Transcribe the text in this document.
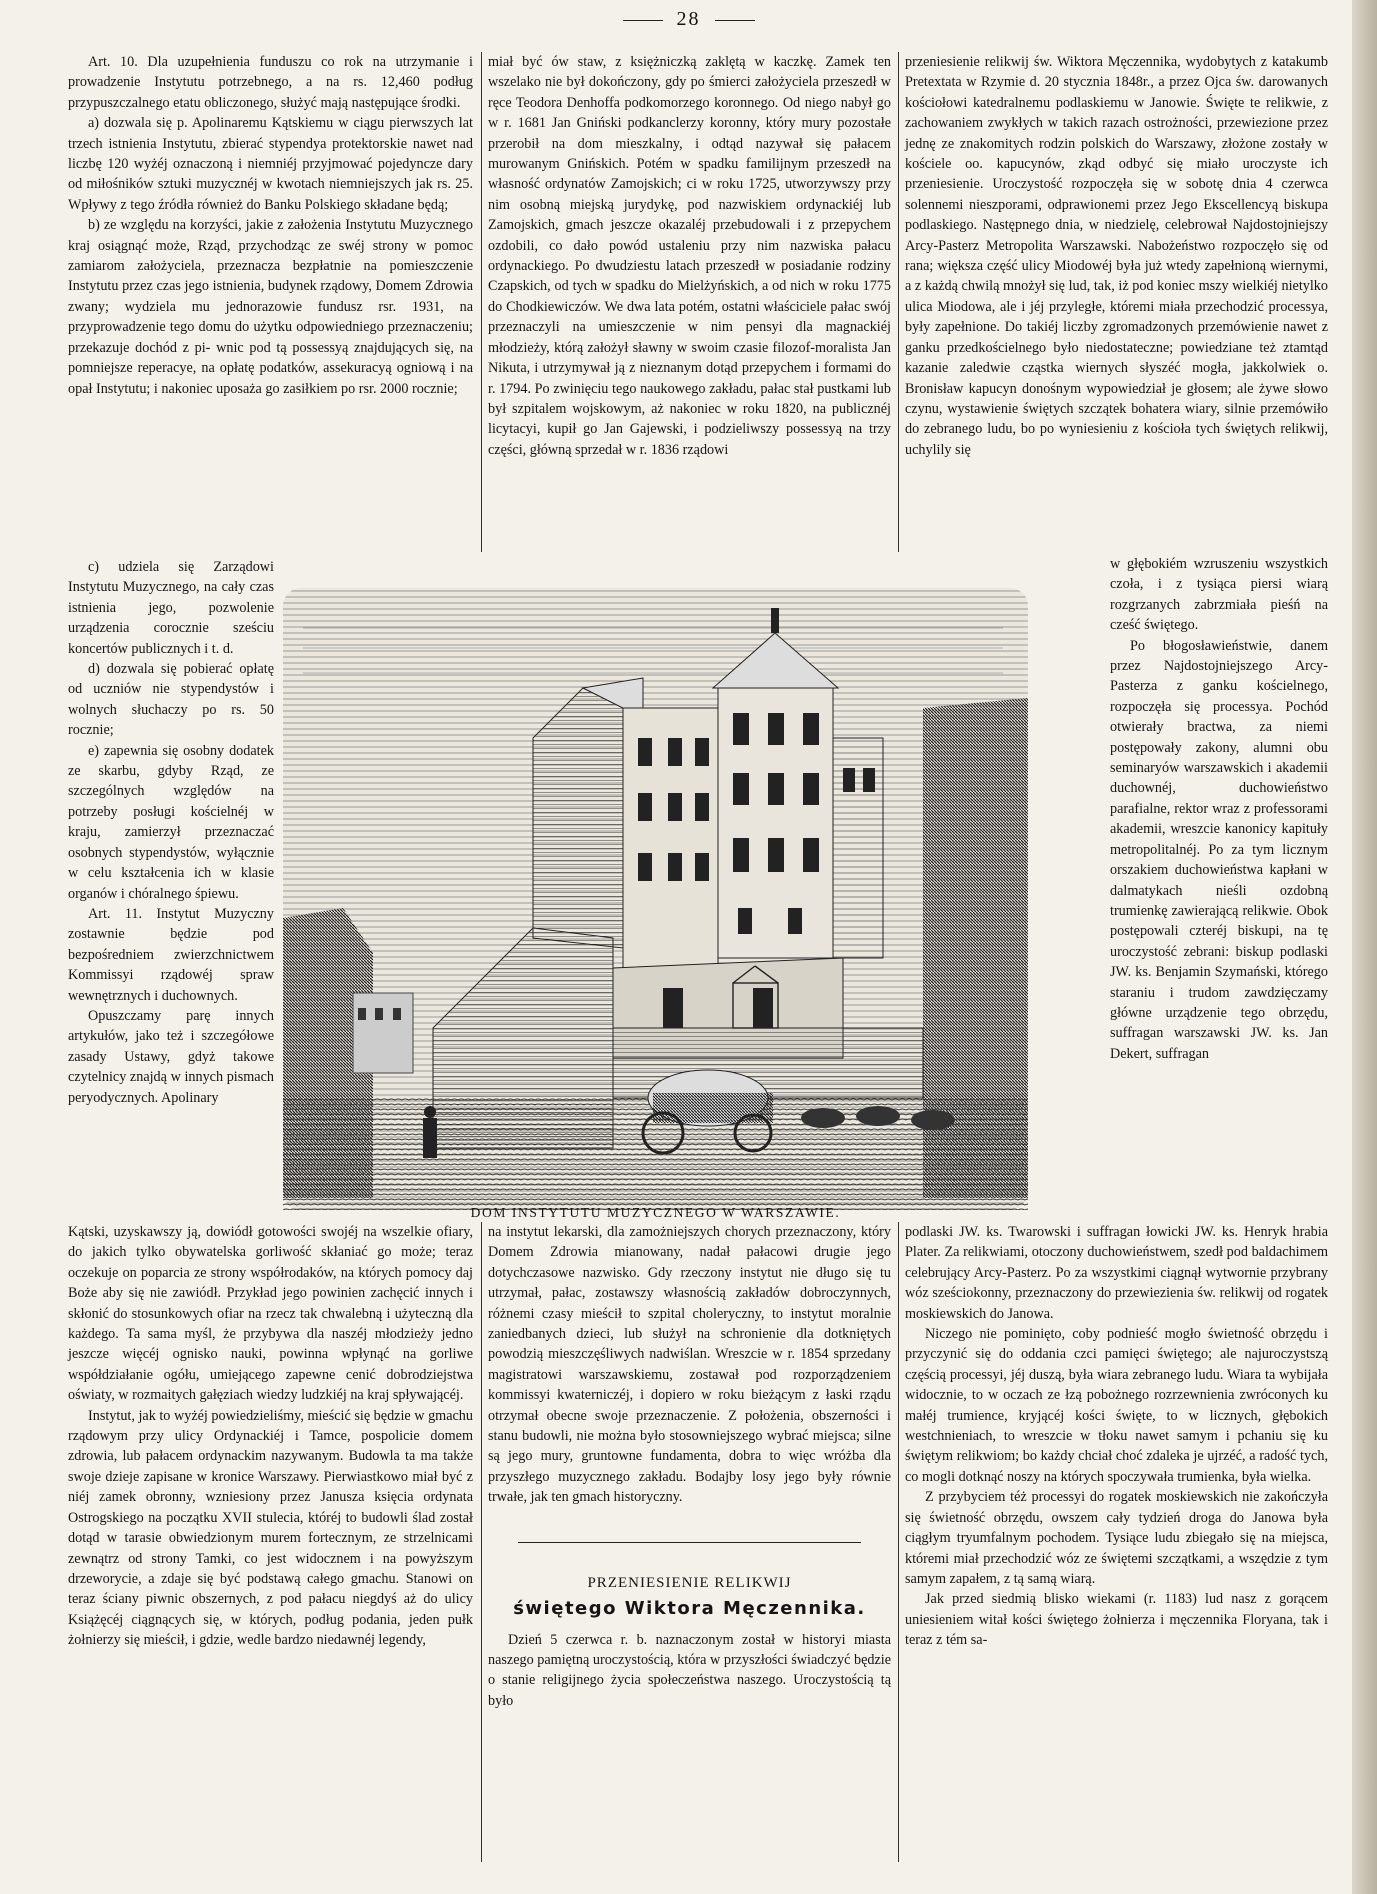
28

Art. 10. Dla uzupełnienia funduszu co rok na utrzymanie i prowadzenie Instytutu potrzebnego, a na rs. 12,460 podług przypuszczalnego etatu obliczonego, służyć mają następujące środki.

a) dozwala się p. Apolinaremu Kątskiemu w ciągu pierwszych lat trzech istnienia Instytutu, zbierać stypendya protektorskie nawet nad liczbę 120 wyżéj oznaczoną i niemniéj przyjmować pojedyncze dary od miłośników sztuki muzycznéj w kwotach niemniejszych jak rs. 25. Wpływy z tego źródła również do Banku Polskiego składane będą;

b) ze względu na korzyści, jakie z założenia Instytutu Muzycznego kraj osiągnąć może, Rząd, przychodząc ze swéj strony w pomoc zamiarom założyciela, przeznacza bezpłatnie na pomieszczenie Instytutu przez czas jego istnienia, budynek rządowy, Domem Zdrowia zwany; wydziela mu jednorazowie fundusz rsr. 1931, na przyprowadzenie tego domu do użytku odpowiedniego przeznaczeniu; przekazuje dochód z pi- wnic pod tą possessyą znajdujących się, na pomniejsze reperacye, na opłatę podatków, assekuracyą ogniową i na opał Instytutu; i nakoniec uposaża go zasiłkiem po rsr. 2000 rocznie;

c) udziela się Zarządowi Instytutu Muzycznego, na cały czas istnienia jego, pozwolenie urządzenia corocznie sześciu koncertów publicznych i t. d.

d) dozwala się pobierać opłatę od uczniów nie stypendystów i wolnych słuchaczy po rs. 50 rocznie;

e) zapewnia się osobny dodatek ze skarbu, gdyby Rząd, ze szczególnych względów na potrzeby posługi kościelnéj w kraju, zamierzył przeznaczać osobnych stypendystów, wyłącznie w celu kształcenia ich w klasie organów i chóralnego śpiewu.

Art. 11. Instytut Muzyczny zostawnie będzie pod bezpośredniem zwierzchnictwem Kommissyi rządowéj spraw wewnętrznych i duchownych.

Opuszczamy parę innych artykułów, jako też i szczegółowe zasady Ustawy, gdyż takowe czytelnicy znajdą w innych pismach peryodycznych. Apolinary

Kątski, uzyskawszy ją, dowiódł gotowości swojéj na wszelkie ofiary, do jakich tylko obywatelska gorliwość skłaniać go może; teraz oczekuje on poparcia ze strony współrodaków, na których pomocy daj Boże aby się nie zawiódł. Przykład jego powinien zachęcić innych i skłonić do stosunkowych ofiar na rzecz tak chwalebną i użyteczną dla każdego. Ta sama myśl, że przybywa dla naszéj młodzieży jedno jeszcze więcéj ognisko nauki, powinna wpłynąć na gorliwe współdziałanie ogółu, umiejącego zapewne cenić dobrodziejstwa oświaty, w rozmaitych gałęziach wiedzy ludzkiéj na kraj spływającéj.

Instytut, jak to wyżéj powiedzieliśmy, mieścić się będzie w gmachu rządowym przy ulicy Ordynackiéj i Tamce, pospolicie domem zdrowia, lub pałacem ordynackim nazywanym. Budowla ta ma także swoje dzieje zapisane w kronice Warszawy. Pierwiastkowo miał być z niéj zamek obronny, wzniesiony przez Janusza księcia ordynata Ostrogskiego na początku XVII stulecia, któréj to budowli ślad został dotąd w tarasie obwiedzionym murem fortecznym, ze strzelnicami zewnątrz od strony Tamki, co jest widocznem i na powyższym drzeworycie, a zdaje się być podstawą całego gmachu. Stanowi on teraz ściany piwnic obszernych, z pod pałacu niegdyś aż do ulicy Książęcéj ciągnących się, w których, podług podania, jeden pułk żołnierzy się mieścił, i gdzie, wedle bardzo niedawnéj legendy,

miał być ów staw, z księżniczką zaklętą w kaczkę. Zamek ten wszelako nie był dokończony, gdy po śmierci założyciela przeszedł w ręce Teodora Denhoffa podkomorzego koronnego. Od niego nabył go w r. 1681 Jan Gniński podkanclerzy koronny, który mury pozostałe przerobił na dom mieszkalny, i odtąd nazywał się pałacem murowanym Gnińskich. Potém w spadku familijnym przeszedł na własność ordynatów Zamojskich; ci w roku 1725, utworzywszy przy nim osobną miejską jurydykę, pod nazwiskiem ordynackiéj lub Zamojskich, gmach jeszcze okazaléj przebudowali i z przepychem ozdobili, co dało powód ustaleniu przy nim nazwiska pałacu ordynackiego. Po dwudziestu latach przeszedł w posiadanie rodziny Czapskich, od tych w spadku do Mielżyńskich, a od nich w roku 1775 do Chodkiewiczów. We dwa lata potém, ostatni właściciele pałac swój przeznaczyli na umieszczenie w nim pensyi dla magnackiéj młodzieży, którą założył sławny w swoim czasie filozof-moralista Jan Nikuta, i utrzymywał ją z nieznanym dotąd przepychem i formami do r. 1794. Po zwinięciu tego naukowego zakładu, pałac stał pustkami lub był szpitalem wojskowym, aż nakoniec w roku 1820, na publicznéj licytacyi, kupił go Jan Gajewski, i podzieliwszy possessyą na trzy części, główną sprzedał w r. 1836 rządowi

na instytut lekarski, dla zamożniejszych chorych przeznaczony, który Domem Zdrowia mianowany, nadał pałacowi drugie jego dotychczasowe nazwisko. Gdy rzeczony instytut nie długo się tu utrzymał, pałac, zostawszy własnością zakładów dobroczynnych, różnemi czasy mieścił to szpital choleryczny, to instytut moralnie zaniedbanych dzieci, lub służył na schronienie dla dotkniętych powodzią mieszczęśliwych nadwiślan. Wreszcie w r. 1854 sprzedany magistratowi warszawskiemu, zostawał pod rozporządzeniem kommissyi kwaterniczéj, i dopiero w roku bieżącym z łaski rządu otrzymał obecne swoje przeznaczenie. Z położenia, obszerności i stanu budowli, nie można było stosowniejszego wybrać miejsca; silne są jego mury, gruntowne fundamenta, dobra to więc wróżba dla przyszłego muzycznego zakładu. Bodajby losy jego były równie trwałe, jak ten gmach historyczny.

PRZENIESIENIE RELIKWIJ

świętego Wiktora Męczennika.

Dzień 5 czerwca r. b. naznaczonym został w historyi miasta naszego pamiętną uroczystością, która w przyszłości świadczyć będzie o stanie religijnego życia społeczeństwa naszego. Uroczystością tą było

przeniesienie relikwij św. Wiktora Męczennika, wydobytych z katakumb Pretextata w Rzymie d. 20 stycznia 1848r., a przez Ojca św. darowanych kościołowi katedralnemu podlaskiemu w Janowie. Święte te relikwie, z zachowaniem zwykłych w takich razach ostrożności, przewiezione przez jednę ze znakomitych rodzin polskich do Warszawy, złożone zostały w kościele oo. kapucynów, zkąd odbyć się miało uroczyste ich przeniesienie. Uroczystość rozpoczęła się w sobotę dnia 4 czerwca solennemi nieszporami, odprawionemi przez Jego Ekscellencyą biskupa podlaskiego. Następnego dnia, w niedzielę, celebrował Najdostojniejszy Arcy-Pasterz Metropolita Warszawski. Nabożeństwo rozpoczęło się od rana; większa część ulicy Miodowéj była już wtedy zapełnioną wiernymi, a z każdą chwilą mnożył się lud, tak, iż pod koniec mszy wielkiéj nietylko ulica Miodowa, ale i jéj przyległe, któremi miała przechodzić processya, były zapełnione. Do takiéj liczby zgromadzonych przemówienie nawet z ganku przedkościelnego było niedostateczne; powiedziane też ztamtąd kazanie zaledwie cząstka wiernych słyszéć mogła, jakkolwiek o. Bronisław kapucyn donośnym wypowiedział je głosem; ale żywe słowo czynu, wystawienie świętych szczątek bohatera wiary, silnie przemówiło do zebranego ludu, bo po wyniesieniu z kościoła tych świętych relikwij, uchylily się

w głębokiém wzruszeniu wszystkich czoła, i z tysiąca piersi wiarą rozgrzanych zabrzmiała pieśń na cześć świętego.

Po błogosławieństwie, danem przez Najdostojniejszego Arcy-Pasterza z ganku kościelnego, rozpoczęła się processya. Pochód otwierały bractwa, za niemi postępowały zakony, alumni obu seminaryów warszawskich i akademii duchownéj, duchowieństwo parafialne, rektor wraz z professorami akademii, wreszcie kanonicy kapituły metropolitalnéj. Po za tym licznym orszakiem duchowieństwa kapłani w dalmatykach nieśli ozdobną trumienkę zawierającą relikwie. Obok postępowali czteréj biskupi, na tę uroczystość zebrani: biskup podlaski JW. ks. Benjamin Szymański, którego staraniu i trudom zawdzięczamy główne urządzenie tego obrzędu, suffragan warszawski JW. ks. Jan Dekert, suffragan

podlaski JW. ks. Twarowski i suffragan łowicki JW. ks. Henryk hrabia Plater. Za relikwiami, otoczony duchowieństwem, szedł pod baldachimem celebrujący Arcy-Pasterz. Po za wszystkimi ciągnął wytwornie przybrany wóz sześciokonny, przeznaczony do przewiezienia św. relikwij od rogatek moskiewskich do Janowa.

Niczego nie pominięto, coby podnieść mogło świetność obrzędu i przyczynić się do oddania czci pamięci świętego; ale najuroczystszą częścią processyi, jéj duszą, była wiara zebranego ludu. Wiara ta wybijała widocznie, to w oczach ze łzą pobożnego rozrzewnienia zwróconych ku małéj trumience, kryjącéj kości święte, to w licznych, głębokich westchnieniach, to wreszcie w tłoku nawet samym i pchaniu się ku świętym relikwiom; bo każdy chciał choć zdaleka je ujrzéć, a radość tych, co mogli dotknąć noszy na których spoczywała trumienka, była wielka.

Z przybyciem téż processyi do rogatek moskiewskich nie zakończyła się świetność obrzędu, owszem cały tydzień droga do Janowa była ciągłym tryumfalnym pochodem. Tysiące ludu zbiegało się na miejsca, któremi miał przechodzić wóz ze świętemi szczątkami, a wszędzie z tym samym zapałem, z tą samą wiarą.

Jak przed siedmią blisko wiekami (r. 1183) lud nasz z gorącem uniesieniem witał kości świętego żołnierza i męczennika Floryana, tak i teraz z tém sa-

DOM INSTYTUTU MUZYCZNEGO W WARSZAWIE.
